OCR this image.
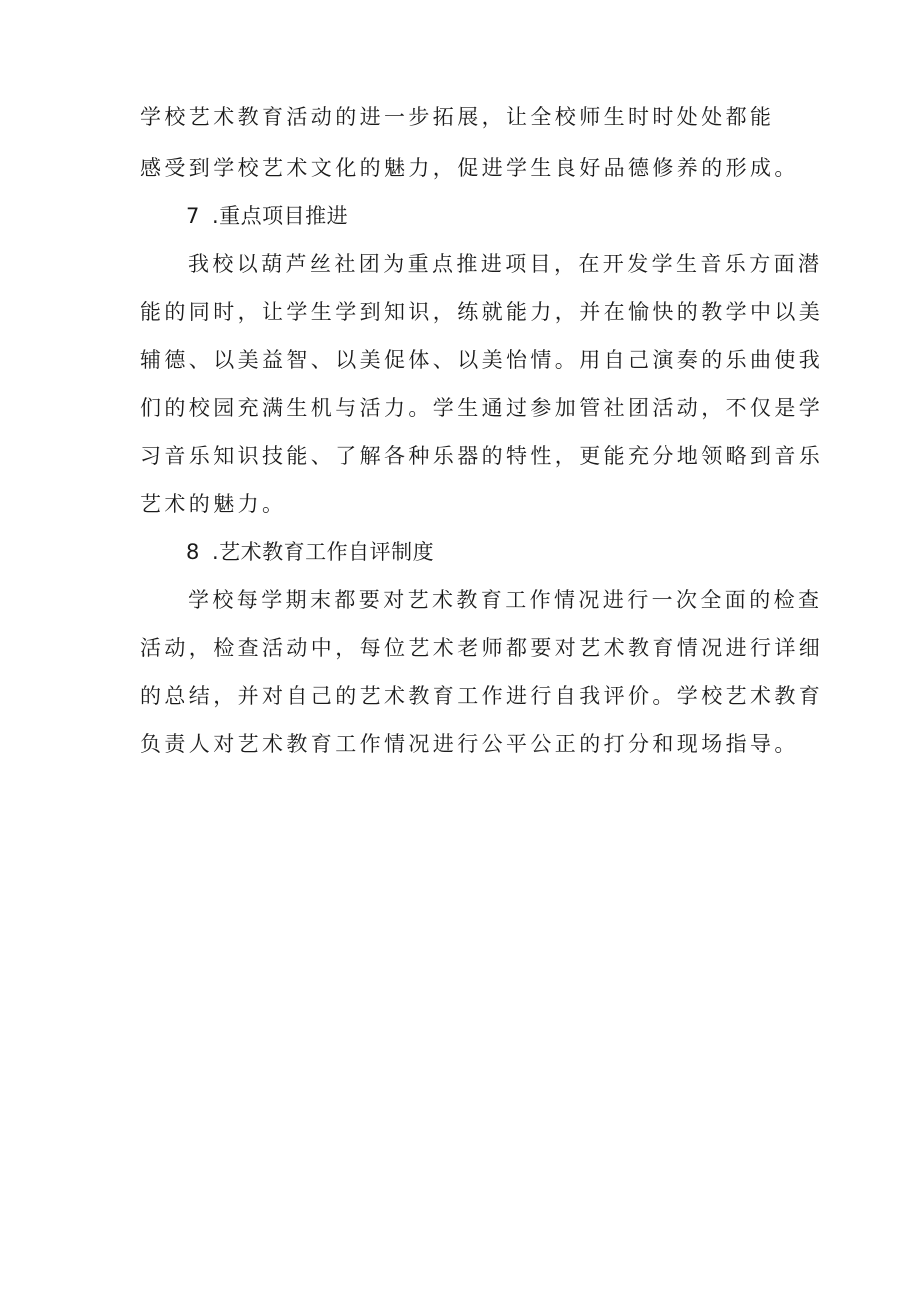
学校艺术教育活动的进一步拓展，让全校师生时时处处都能
感受到学校艺术文化的魅力，促进学生良好品德修养的形成。
7 .重点项目推进
我校以葫芦丝社团为重点推进项目，在开发学生音乐方面潜
能的同时，让学生学到知识，练就能力，并在愉快的教学中以美
辅德、以美益智、以美促体、以美怡情。用自己演奏的乐曲使我
们的校园充满生机与活力。学生通过参加管社团活动，不仅是学
习音乐知识技能、了解各种乐器的特性，更能充分地领略到音乐
艺术的魅力。
8 .艺术教育工作自评制度
学校每学期末都要对艺术教育工作情况进行一次全面的检查
活动，检查活动中，每位艺术老师都要对艺术教育情况进行详细
的总结，并对自己的艺术教育工作进行自我评价。学校艺术教育
负责人对艺术教育工作情况进行公平公正的打分和现场指导。
